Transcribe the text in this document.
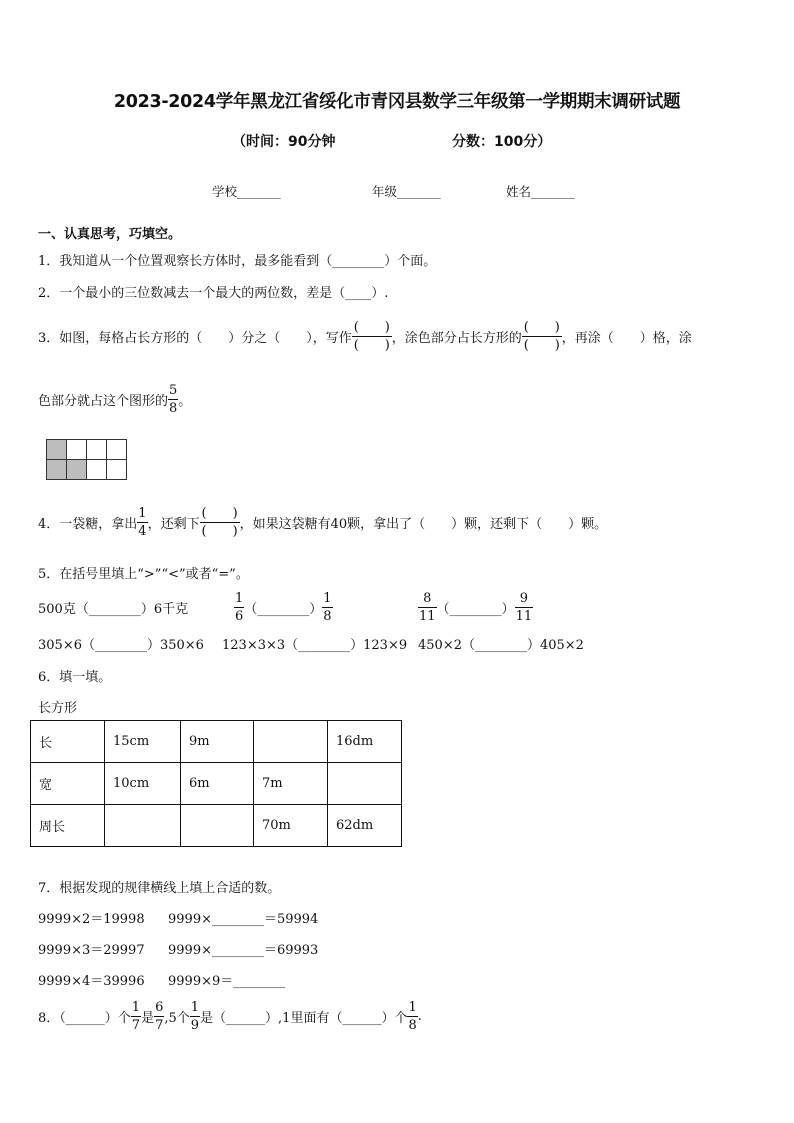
2023-2024学年黑龙江省绥化市青冈县数学三年级第一学期期末调研试题
（时间：90分钟	分数：100分）
学校_______	年级_______	姓名_______
一、认真思考，巧填空。
1．我知道从一个位置观察长方体时，最多能看到（________）个面。
2．一个最小的三位数减去一个最大的两位数，差是（____）.
3．如图，每格占长方形的（　　）分之（　　），写作 $\frac{( )}{( )}$ ，涂色部分占长方形的 $\frac{( )}{( )}$ ，再涂（　　）格，涂
色部分就占这个图形的 $\frac{5}{8}$ 。

4．一袋糖，拿出 $\frac{1}{4}$ ，还剩下 $\frac{( )}{( )}$ ，如果这袋糖有40颗，拿出了（　　）颗，还剩下（　　）颗。
5．在括号里填上“>”“<”或者“=”。
500克（________）6千克	$\frac{1}{6}$ （________） $\frac{1}{8}$	$\frac{8}{11}$ （________） $\frac{9}{11}$
305×6（________）350×6 123×3×3（________）123×9 450×2（________）405×2
6．填一填。
长方形
长	15cm	9m		16dm
宽	10cm	6m	7m	
周长			70m	62dm
7．根据发现的规律横线上填上合适的数。
9999×2＝19998
9999×3＝29997
9999×4＝39996
9999×________＝59994
9999×________＝69993
9999×9＝________
8．（______）个 $\frac{1}{7}$ 是 $\frac{6}{7} ,5$个 $\frac{1}{9}$ 是（______）,1里面有（______）个 $\frac{1}{8}$ .
